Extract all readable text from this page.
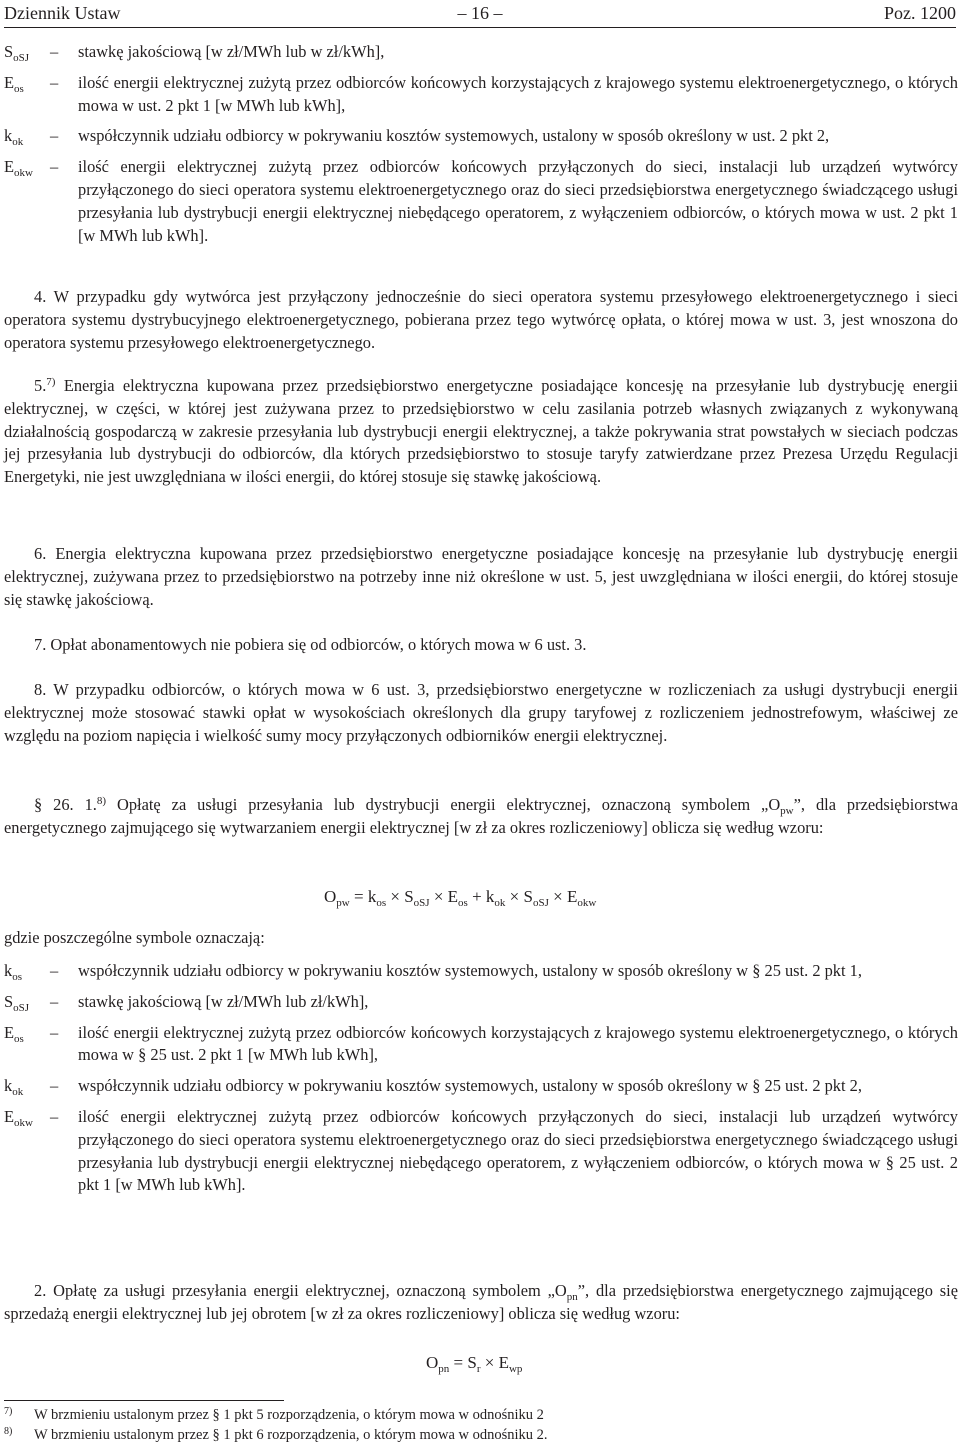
Dziennik Ustaw	– 16 –	Poz. 1200
$S_{oSJ}$	– stawkę jakościową [w zł/MWh lub w zł/kWh],
$E_{os}$	– ilość energii elektrycznej zużytą przez odbiorców końcowych korzystających z krajowego systemu elektroenergetycznego, o których mowa w ust. 2 pkt 1 [w MWh lub kWh],
$k_{ok}$	– współczynnik udziału odbiorcy w pokrywaniu kosztów systemowych, ustalony w sposób określony w ust. 2 pkt 2,
$E_{okw}$	– ilość energii elektrycznej zużytą przez odbiorców końcowych przyłączonych do sieci, instalacji lub urządzeń wytwórcy przyłączonego do sieci operatora systemu elektroenergetycznego oraz do sieci przedsiębiorstwa energetycznego świadczącego usługi przesyłania lub dystrybucji energii elektrycznej niebędącego operatorem, z wyłączeniem odbiorców, o których mowa w ust. 2 pkt 1 [w MWh lub kWh].

4. W przypadku gdy wytwórca jest przyłączony jednocześnie do sieci operatora systemu przesyłowego elektroenergetycznego i sieci operatora systemu dystrybucyjnego elektroenergetycznego, pobierana przez tego wytwórcę opłata, o której mowa w ust. 3, jest wnoszona do operatora systemu przesyłowego elektroenergetycznego.

5.$^{7)}$ Energia elektryczna kupowana przez przedsiębiorstwo energetyczne posiadające koncesję na przesyłanie lub dystrybucję energii elektrycznej, w części, w której jest zużywana przez to przedsiębiorstwo w celu zasilania potrzeb własnych związanych z wykonywaną działalnością gospodarczą w zakresie przesyłania lub dystrybucji energii elektrycznej, a także pokrywania strat powstałych w sieciach podczas jej przesyłania lub dystrybucji do odbiorców, dla których przedsiębiorstwo to stosuje taryfy zatwierdzane przez Prezesa Urzędu Regulacji Energetyki, nie jest uwzględniana w ilości energii, do której stosuje się stawkę jakościową.

6. Energia elektryczna kupowana przez przedsiębiorstwo energetyczne posiadające koncesję na przesyłanie lub dystrybucję energii elektrycznej, zużywana przez to przedsiębiorstwo na potrzeby inne niż określone w ust. 5, jest uwzględniana w ilości energii, do której stosuje się stawkę jakościową.

7. Opłat abonamentowych nie pobiera się od odbiorców, o których mowa w 6 ust. 3.

8. W przypadku odbiorców, o których mowa w 6 ust. 3, przedsiębiorstwo energetyczne w rozliczeniach za usługi dystrybucji energii elektrycznej może stosować stawki opłat w wysokościach określonych dla grupy taryfowej z rozliczeniem jednostrefowym, właściwej ze względu na poziom napięcia i wielkość sumy mocy przyłączonych odbiorników energii elektrycznej.

§ 26. 1.$^{8)}$ Opłatę za usługi przesyłania lub dystrybucji energii elektrycznej, oznaczoną symbolem $„O_{pw}$”, dla przedsiębiorstwa energetycznego zajmującego się wytwarzaniem energii elektrycznej [w zł za okres rozliczeniowy] oblicza się według wzoru:

$O_{pw} = k_{os} \times S_{oSJ} \times E_{os} + k_{ok} \times S_{oSJ} \times E_{okw}$

gdzie poszczególne symbole oznaczają:

$k_{os}$	– współczynnik udziału odbiorcy w pokrywaniu kosztów systemowych, ustalony w sposób określony w § 25 ust. 2 pkt 1,
$S_{oSJ}$	– stawkę jakościową [w zł/MWh lub zł/kWh],
$E_{os}$	– ilość energii elektrycznej zużytą przez odbiorców końcowych korzystających z krajowego systemu elektroenergetycznego, o których mowa w § 25 ust. 2 pkt 1 [w MWh lub kWh],
$k_{ok}$	– współczynnik udziału odbiorcy w pokrywaniu kosztów systemowych, ustalony w sposób określony w § 25 ust. 2 pkt 2,
$E_{okw}$	– ilość energii elektrycznej zużytą przez odbiorców końcowych przyłączonych do sieci, instalacji lub urządzeń wytwórcy przyłączonego do sieci operatora systemu elektroenergetycznego oraz do sieci przedsiębiorstwa energetycznego świadczącego usługi przesyłania lub dystrybucji energii elektrycznej niebędącego operatorem, z wyłączeniem odbiorców, o których mowa w § 25 ust. 2 pkt 1 [w MWh lub kWh].

2. Opłatę za usługi przesyłania energii elektrycznej, oznaczoną symbolem $„O_{pn}$”, dla przedsiębiorstwa energetycznego zajmującego się sprzedażą energii elektrycznej lub jej obrotem [w zł za okres rozliczeniowy] oblicza się według wzoru:

$O_{pn} = S_r \times E_{wp}$
7) W brzmieniu ustalonym przez § 1 pkt 5 rozporządzenia, o którym mowa w odnośniku 2
8) W brzmieniu ustalonym przez § 1 pkt 6 rozporządzenia, o którym mowa w odnośniku 2.
